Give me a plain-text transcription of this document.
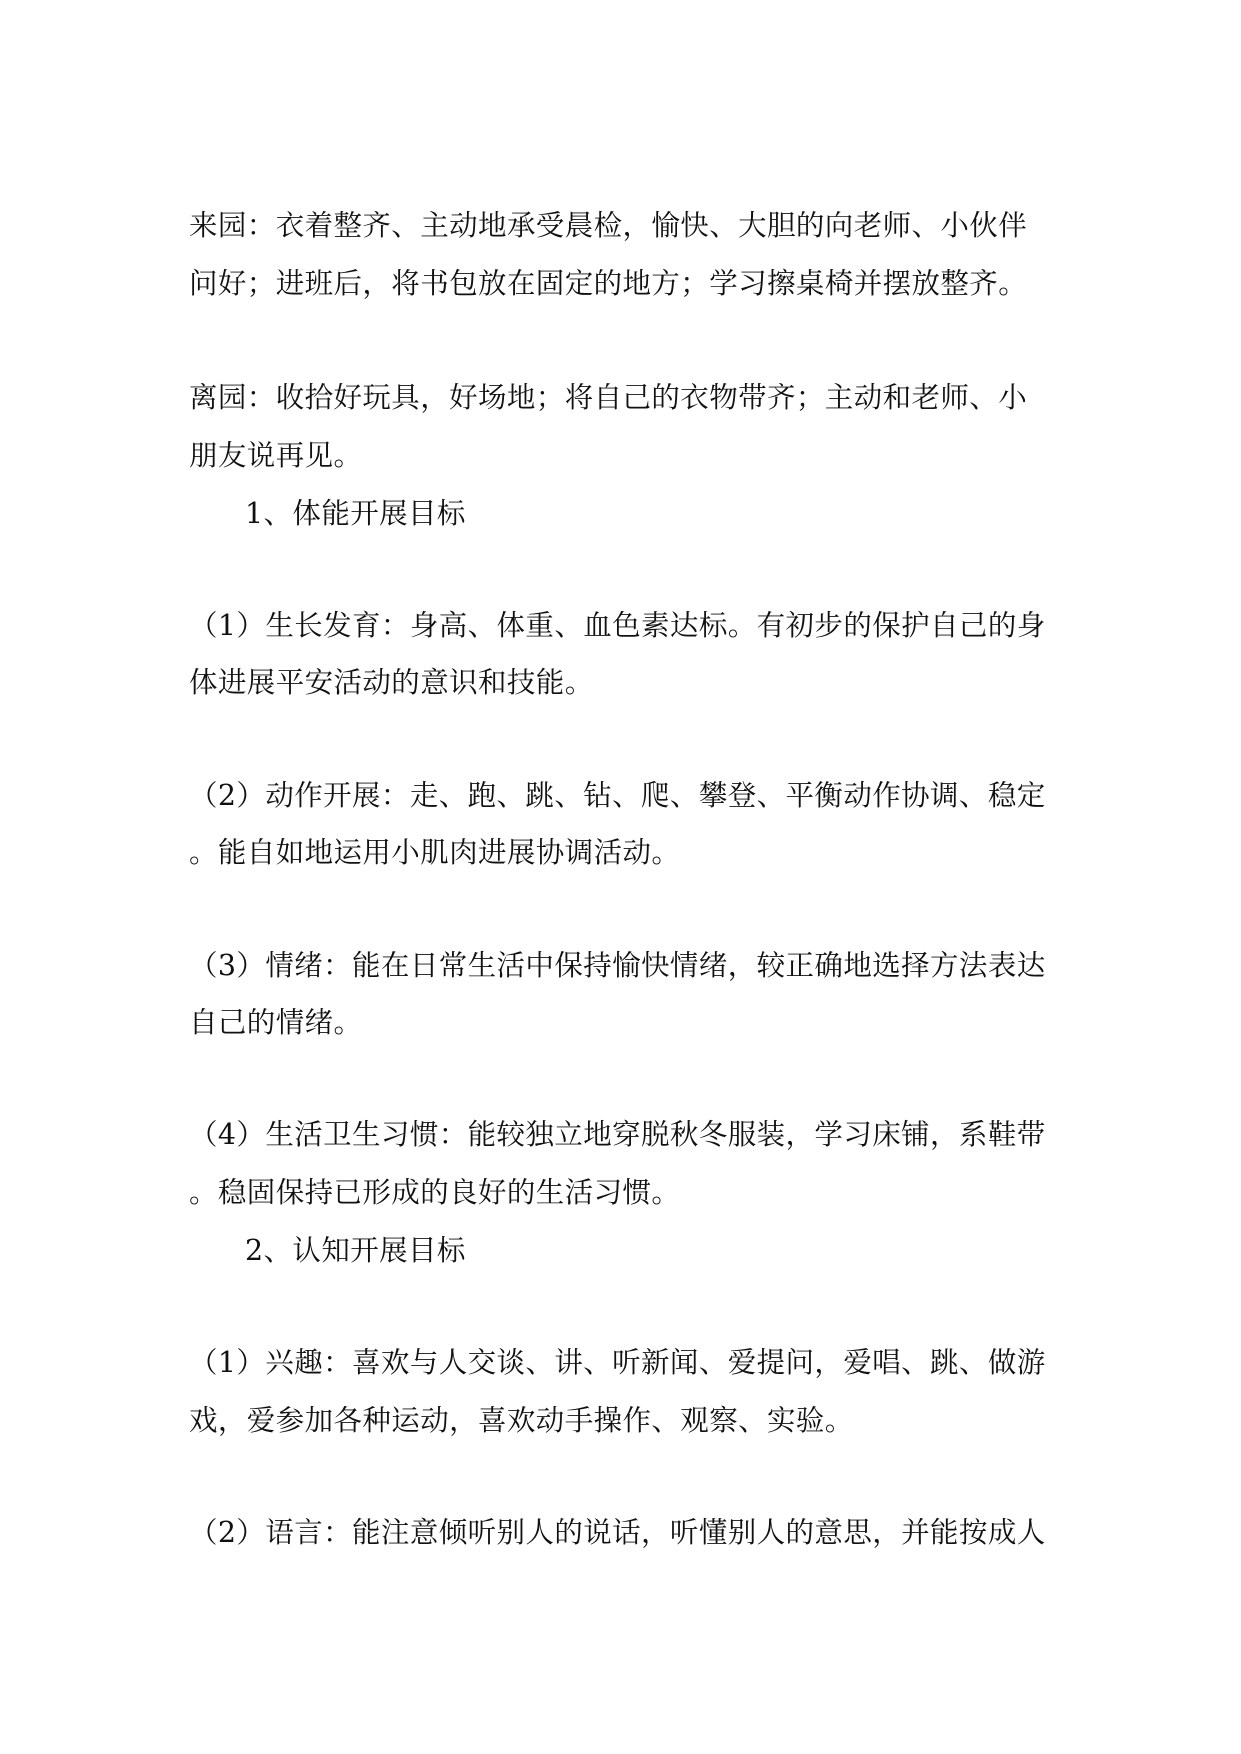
来园：衣着整齐、主动地承受晨检，愉快、大胆的向老师、小伙伴
问好；进班后，将书包放在固定的地方；学习擦桌椅并摆放整齐。
离园：收拾好玩具，好场地；将自己的衣物带齐；主动和老师、小
朋友说再见。
1、体能开展目标
（1）生长发育：身高、体重、血色素达标。有初步的保护自己的身
体进展平安活动的意识和技能。
（2）动作开展：走、跑、跳、钻、爬、攀登、平衡动作协调、稳定
。能自如地运用小肌肉进展协调活动。
（3）情绪：能在日常生活中保持愉快情绪，较正确地选择方法表达
自己的情绪。
（4）生活卫生习惯：能较独立地穿脱秋冬服装，学习床铺，系鞋带
。稳固保持已形成的良好的生活习惯。
2、认知开展目标
（1）兴趣：喜欢与人交谈、讲、听新闻、爱提问，爱唱、跳、做游
戏，爱参加各种运动，喜欢动手操作、观察、实验。
（2）语言：能注意倾听别人的说话，听懂别人的意思，并能按成人
